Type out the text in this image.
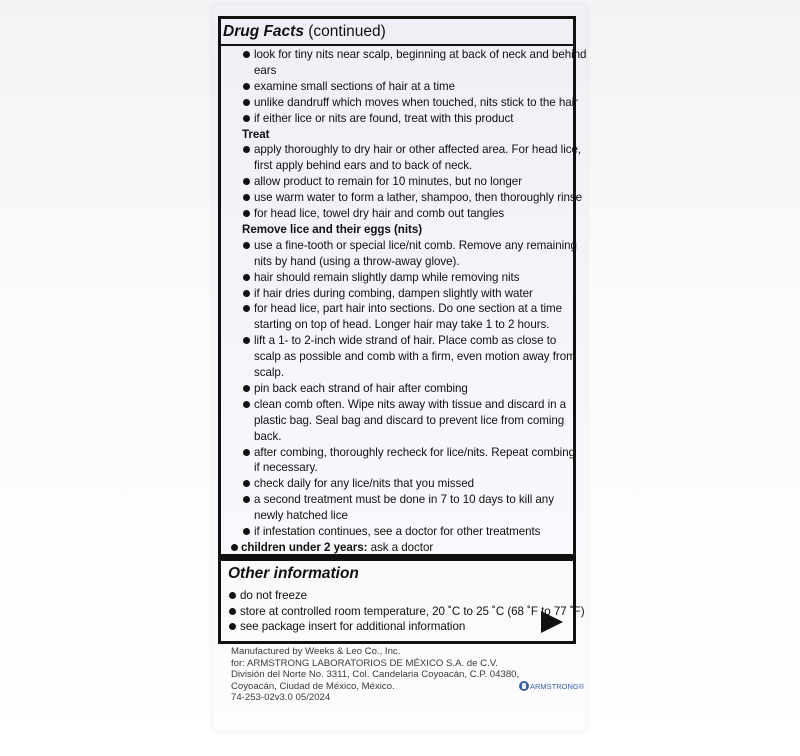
Drug Facts (continued)
look for tiny nits near scalp, beginning at back of neck and behind
ears
examine small sections of hair at a time
unlike dandruff which moves when touched, nits stick to the hair
if either lice or nits are found, treat with this product
Treat
apply thoroughly to dry hair or other affected area. For head lice,
first apply behind ears and to back of neck.
allow product to remain for 10 minutes, but no longer
use warm water to form a lather, shampoo, then thoroughly rinse
for head lice, towel dry hair and comb out tangles
Remove lice and their eggs (nits)
use a fine-tooth or special lice/nit comb. Remove any remaining
nits by hand (using a throw-away glove).
hair should remain slightly damp while removing nits
if hair dries during combing, dampen slightly with water
for head lice, part hair into sections. Do one section at a time
starting on top of head. Longer hair may take 1 to 2 hours.
lift a 1- to 2-inch wide strand of hair. Place comb as close to
scalp as possible and comb with a firm, even motion away from
scalp.
pin back each strand of hair after combing
clean comb often. Wipe nits away with tissue and discard in a
plastic bag. Seal bag and discard to prevent lice from coming
back.
after combing, thoroughly recheck for lice/nits. Repeat combing
if necessary.
check daily for any lice/nits that you missed
a second treatment must be done in 7 to 10 days to kill any
newly hatched lice
if infestation continues, see a doctor for other treatments
children under 2 years: ask a doctor
Other information
do not freeze
store at controlled room temperature, 20 ˚C to 25 ˚C (68 ˚F to 77 ˚F)
see package insert for additional information
Manufactured by Weeks & Leo Co., Inc.
for: ARMSTRONG LABORATORIOS DE MÉXICO S.A. de C.V.
División del Norte No. 3311, Col. Candelaria Coyoacán, C.P. 04380,
Coyoacán, Ciudad de México, México.
74-253-02v3.0 05/2024
ARMSTRONG®
